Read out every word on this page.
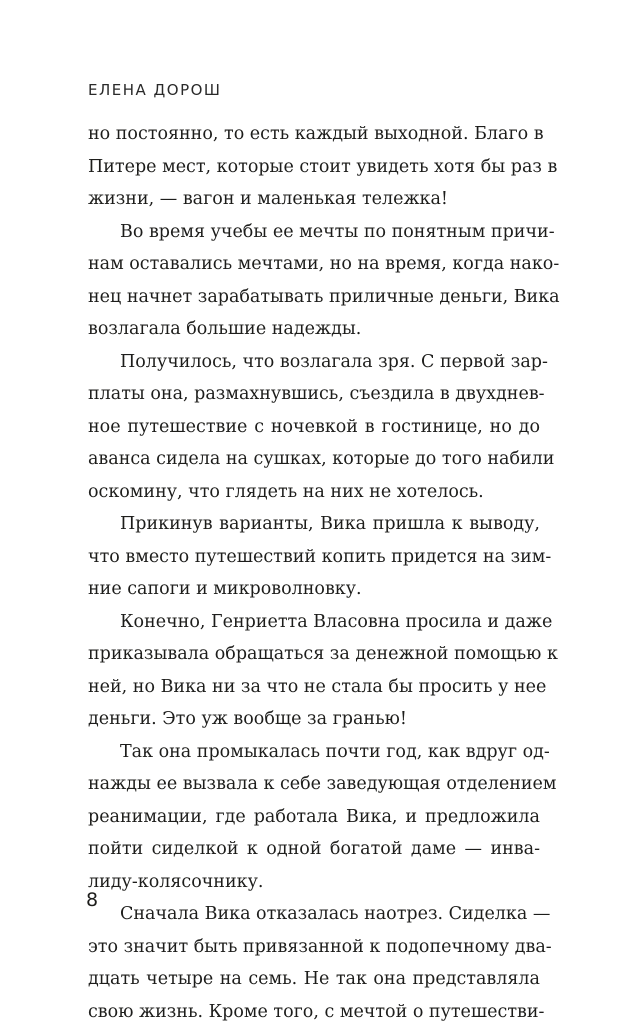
ЕЛЕНА ДОРОШ
но постоянно, то есть каждый выходной. Благо в
Питере мест, которые стоит увидеть хотя бы раз в
жизни, — вагон и маленькая тележка!
Во время учебы ее мечты по понятным причи-
нам оставались мечтами, но на время, когда нако-
нец начнет зарабатывать приличные деньги, Вика
возлагала большие надежды.
Получилось, что возлагала зря. С первой зар-
платы она, размахнувшись, съездила в двухднев-
ное путешествие с ночевкой в гостинице, но до
аванса сидела на сушках, которые до того набили
оскомину, что глядеть на них не хотелось.
Прикинув варианты, Вика пришла к выводу,
что вместо путешествий копить придется на зим-
ние сапоги и микроволновку.
Конечно, Генриетта Власовна просила и даже
приказывала обращаться за денежной помощью к
ней, но Вика ни за что не стала бы просить у нее
деньги. Это уж вообще за гранью!
Так она промыкалась почти год, как вдруг од-
нажды ее вызвала к себе заведующая отделением
реанимации, где работала Вика, и предложила
пойти сиделкой к одной богатой даме — инва-
лиду-колясочнику.
Сначала Вика отказалась наотрез. Сиделка —
это значит быть привязанной к подопечному два-
дцать четыре на семь. Не так она представляла
свою жизнь. Кроме того, с мечтой о путешестви-
8
